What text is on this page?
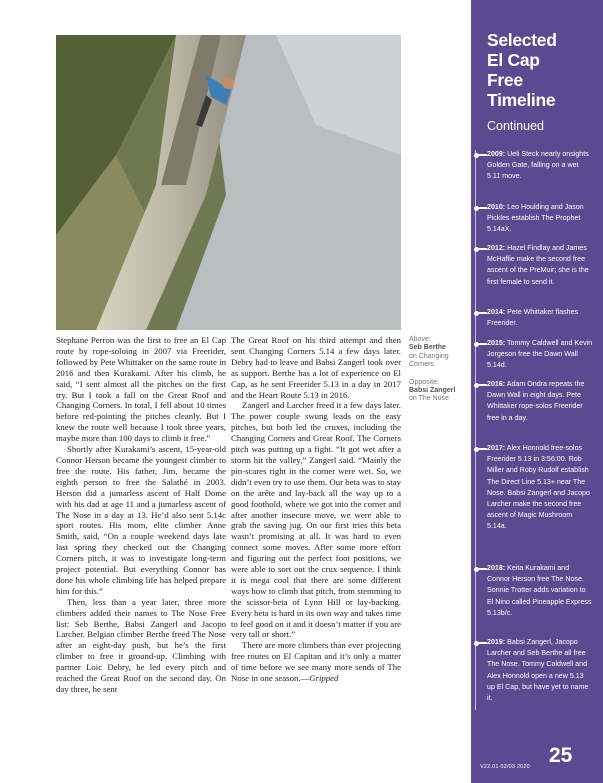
Stephane Perron was the first to free an El Cap route by rope-soloing in 2007 via Freerider, followed by Pete Whittaker on the same route in 2016 and then Kurakami. After his climb, he said, “I sent almost all the pitches on the first try. But I took a fall on the Great Roof and Changing Corners. In total, I fell about 10 times before red-pointing the pitches cleanly. But I knew the route well because I took three years, maybe more than 100 days to climb it free.”

Shortly after Kurakami’s ascent, 15-year-old Connor Herson became the youngest climber to free the route. His father, Jim, became the eighth person to free the Salathé in 2003. Herson did a jumarless ascent of Half Dome with his dad at age 11 and a jumarless ascent of The Nose in a day at 13. He’d also sent 5.14c sport routes. His mom, elite climber Anne Smith, said, “On a couple weekend days late last spring they checked out the Changing Corners pitch, it was to investigate long-term project potential. But everything Connor has done his whole climbing life has helped prepare him for this.”

Then, less than a year later, three more climbers added their names to The Nose Free list: Seb Berthe, Babsi Zangerl and Jacopo Larcher. Belgian climber Berthe freed The Nose after an eight-day push, but he’s the first climber to free it ground-up. Climbing with partner Loic Debry, he led every pitch and reached the Great Roof on the second day. On day three, he sent

The Great Roof on his third attempt and then sent Changing Corners 5.14 a few days later. Debry had to leave and Babsi Zangerl took over as support. Berthe has a lot of experience on El Cap, as he sent Freerider 5.13 in a day in 2017 and the Heart Route 5.13 in 2016.

Zangerl and Larcher freed it a few days later. The power couple swung leads on the easy pitches, but both led the cruxes, including the Changing Corners and Great Roof. The Corners pitch was putting up a fight. “It got wet after a storm hit the valley,” Zangerl said. “Mainly the pin-scares right in the corner were wet. So, we didn’t even try to use them. Our beta was to stay on the arête and lay-back all the way up to a good foothold, where we got into the corner and after another insecure move, we were able to grab the saving jug. On our first tries this beta wasn’t promising at all. It was hard to even connect some moves. After some more effort and figuring out the perfect foot positions, we were able to sort out the crux sequence. I think it is mega cool that there are some different ways how to climb that pitch, from stemming to the scissor-beta of Lynn Hill or lay-backing. Every beta is hard in its own way and takes time to feel good on it and it doesn’t matter if you are very tall or short.”

There are more climbers than ever projecting free routes on El Capitan and it’s only a matter of time before we see many more sends of The Nose in one season.—Gripped

Above:
Seb Berthe
on Changing Corners
Opposite:
Babsi Zangerl
on The Nose
Selected
El Cap
Free
Timeline
Continued
2009: Ueli Steck nearly onsights Golden Gate, falling on a wet 5.11 move.
2010: Leo Houlding and Jason Pickles establish The Prophet 5.14aX.
2012: Hazel Findlay and James McHaffie make the second free ascent of the PreMuir; she is the first female to send it.
2014: Pete Whittaker flashes Freerider.
2015: Tommy Caldwell and Kevin Jorgeson free the Dawn Wall 5.14d.
2016: Adam Ondra repeats the Dawn Wall in eight days. Pete Whittaker rope-solos Freerider free in a day.
2017: Alex Honnold free-solos Freerider 5.13 in 3:56:00. Rob Miller and Roby Rudolf establish The Direct Line 5.13+ near The Nose. Babsi Zangerl and Jacopo Larcher make the second free ascent of Magic Mushroom 5.14a.
2018: Keita Kurakami and Connor Herson free The Nose. Sonnie Trotter adds variation to El Nino called Pineapple Express 5.13b/c.
2019: Babsi Zangerl, Jacopo Larcher and Seb Berthe all free The Nose. Tommy Caldwell and Alex Honnold open a new 5.13 up El Cap, but have yet to name it.
V22.01 02/03 2020 25
